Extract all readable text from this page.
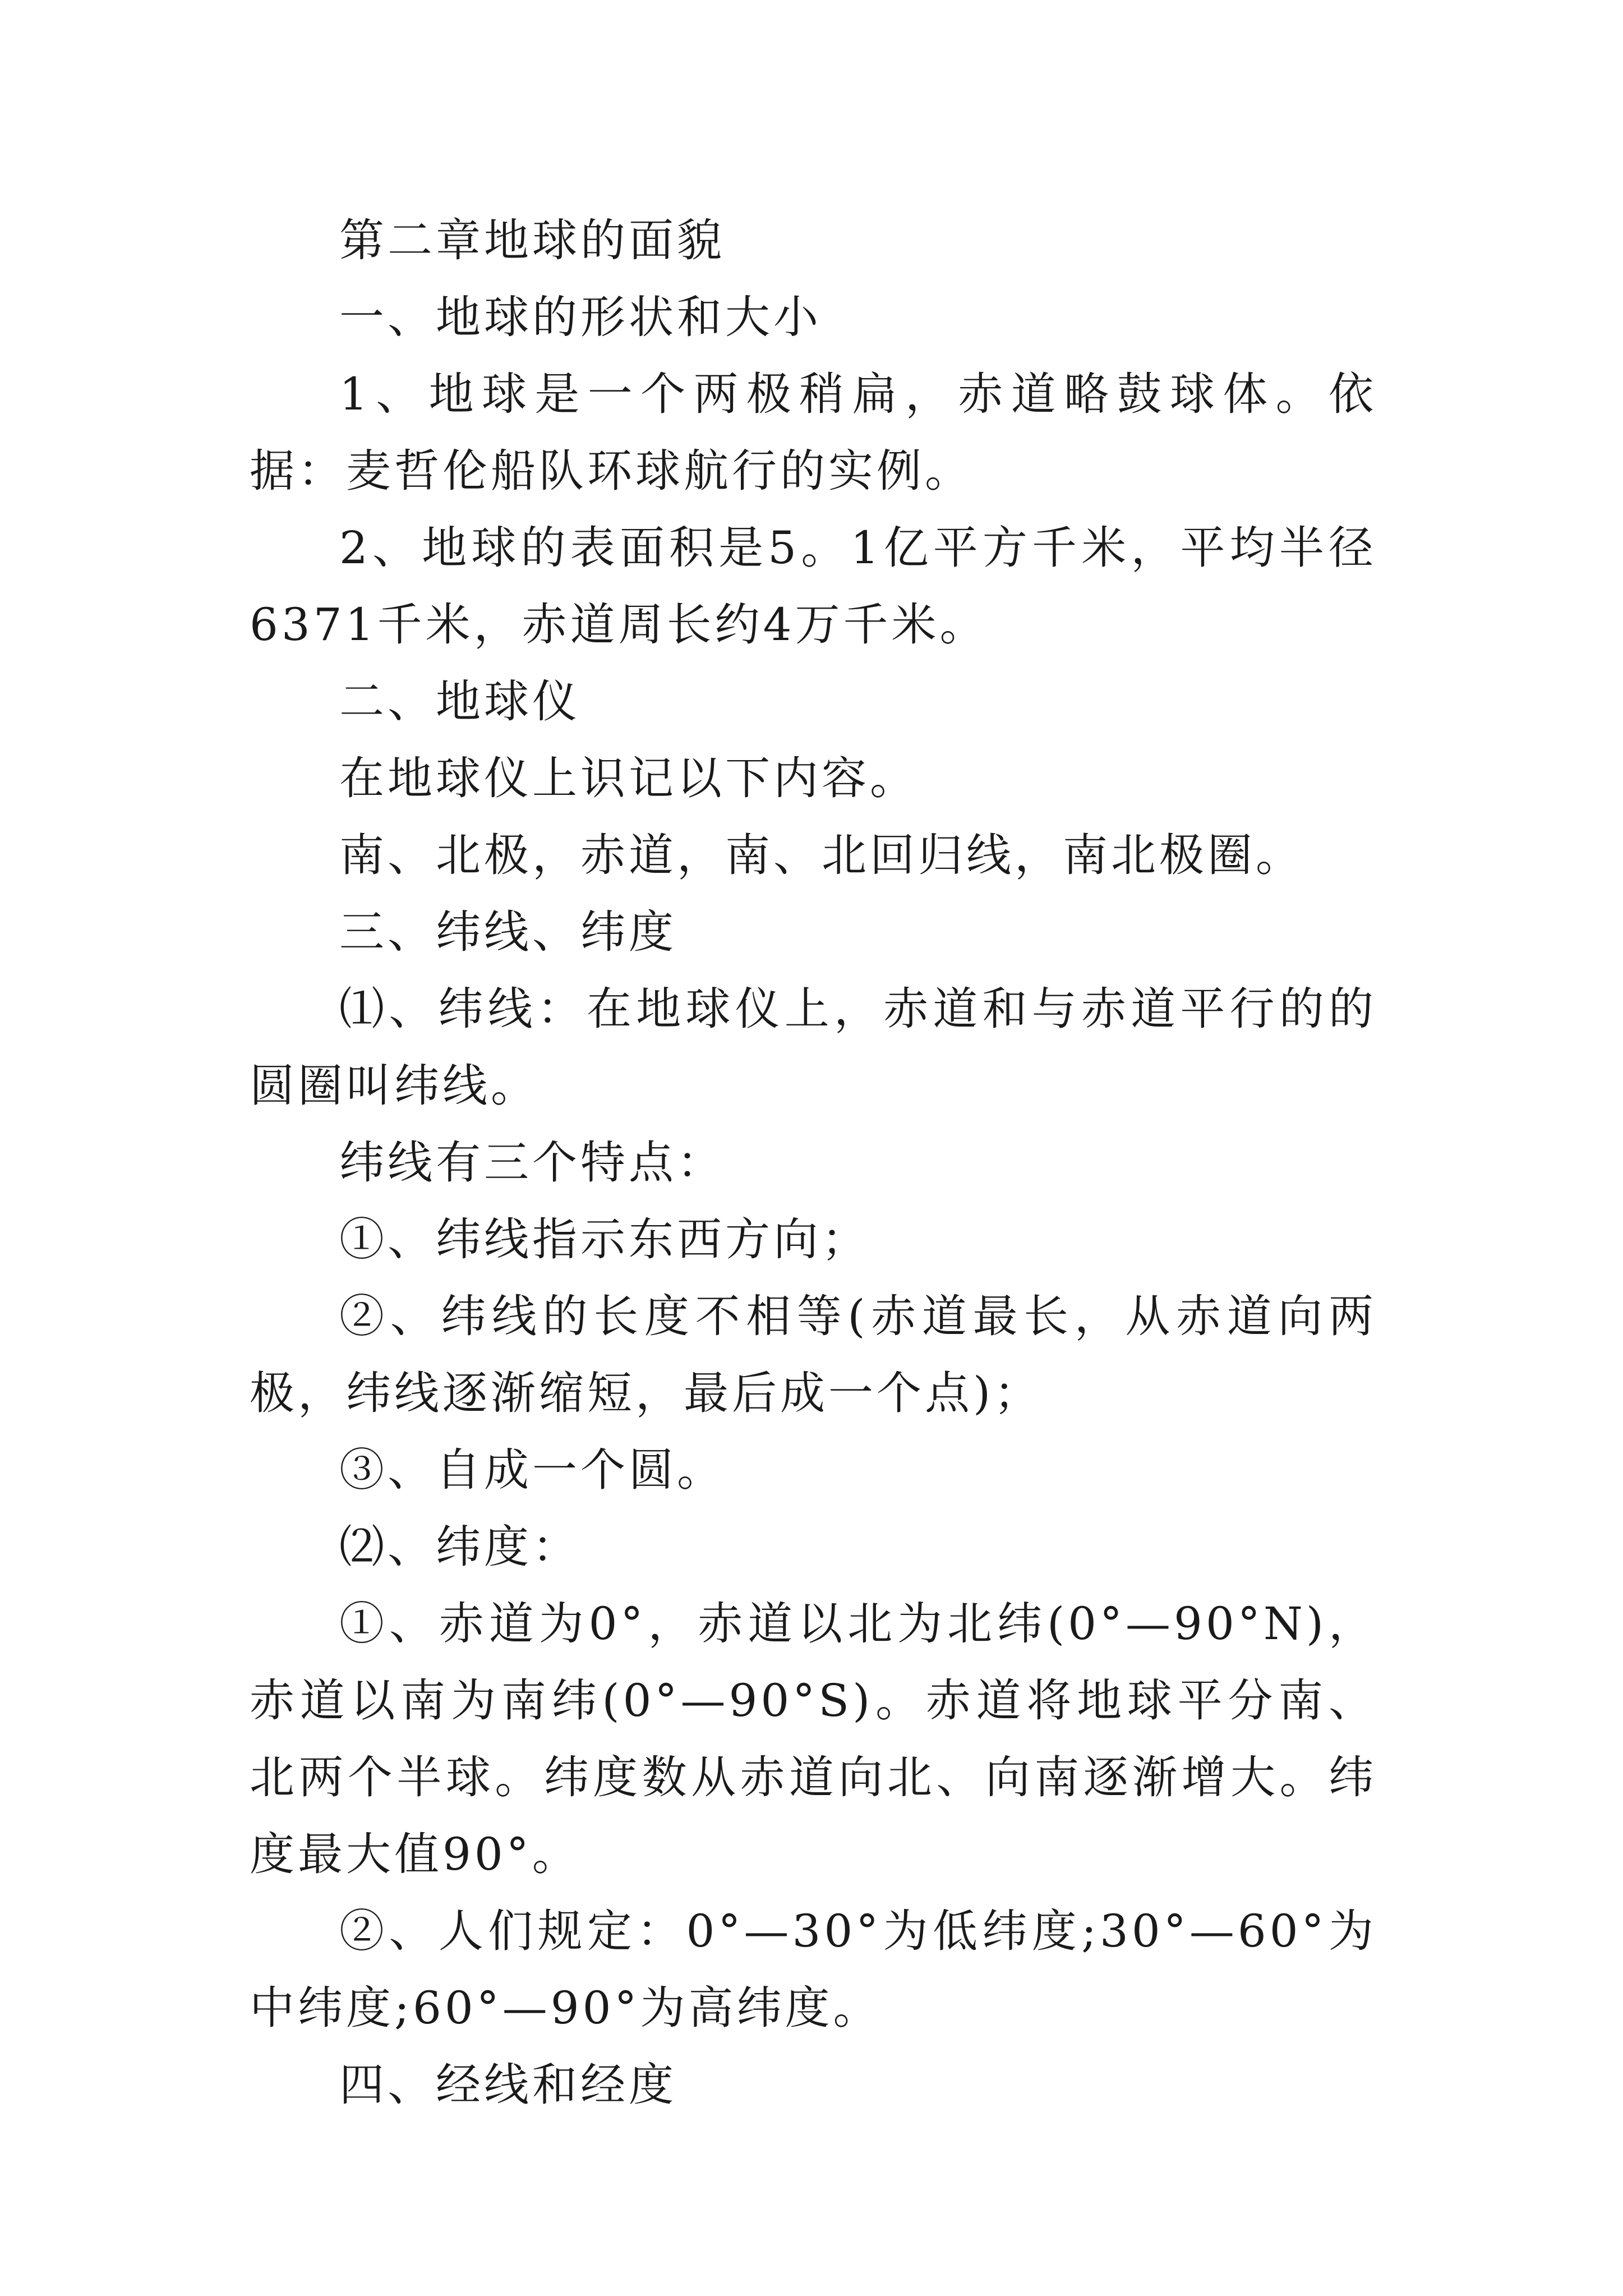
第二章地球的面貌

一、地球的形状和大小

1、地球是一个两极稍扁，赤道略鼓球体。依据：麦哲伦船队环球航行的实例。

2、地球的表面积是5。1亿平方千米，平均半径6371千米，赤道周长约4万千米。

二、地球仪

在地球仪上识记以下内容。

南、北极，赤道，南、北回归线，南北极圈。

三、纬线、纬度

⑴、纬线：在地球仪上，赤道和与赤道平行的的圆圈叫纬线。

纬线有三个特点：

①、纬线指示东西方向；

②、纬线的长度不相等(赤道最长，从赤道向两极，纬线逐渐缩短，最后成一个点)；

③、自成一个圆。

⑵、纬度：

①、赤道为0°，赤道以北为北纬(0°—90°N)，赤道以南为南纬(0°—90°S)。赤道将地球平分南、北两个半球。纬度数从赤道向北、向南逐渐增大。纬度最大值90°。

②、人们规定：0°—30°为低纬度;30°—60°为中纬度;60°—90°为高纬度。

四、经线和经度
